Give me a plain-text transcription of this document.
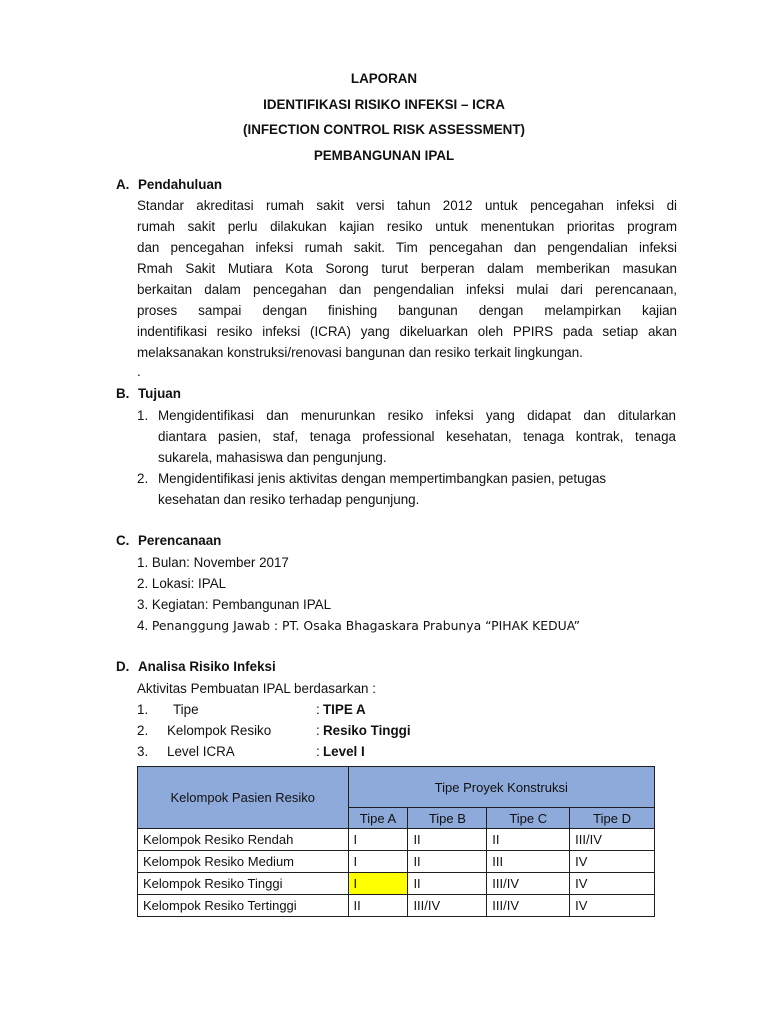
LAPORAN
IDENTIFIKASI RISIKO INFEKSI – ICRA
(INFECTION CONTROL RISK ASSESSMENT)
PEMBANGUNAN IPAL
A. Pendahuluan
Standar akreditasi rumah sakit versi tahun 2012 untuk pencegahan infeksi di
rumah sakit perlu dilakukan kajian resiko untuk menentukan prioritas program
dan pencegahan infeksi rumah sakit. Tim pencegahan dan pengendalian infeksi
Rmah Sakit Mutiara Kota Sorong turut berperan dalam memberikan masukan
berkaitan dalam pencegahan dan pengendalian infeksi mulai dari perencanaan,
proses sampai dengan finishing bangunan dengan melampirkan kajian
indentifikasi resiko infeksi (ICRA) yang dikeluarkan oleh PPIRS pada setiap akan
melaksanakan konstruksi/renovasi bangunan dan resiko terkait lingkungan.
.
B. Tujuan
1. Mengidentifikasi dan menurunkan resiko infeksi yang didapat dan ditularkan
diantara pasien, staf, tenaga professional kesehatan, tenaga kontrak, tenaga
sukarela, mahasiswa dan pengunjung.
2. Mengidentifikasi jenis aktivitas dengan mempertimbangkan pasien, petugas
kesehatan dan resiko terhadap pengunjung.
C. Perencanaan
1. Bulan: November 2017
2. Lokasi: IPAL
3. Kegiatan: Pembangunan IPAL
4. Penanggung Jawab : PT. Osaka Bhagaskara Prabunya “PIHAK KEDUA”
D. Analisa Risiko Infeksi
Aktivitas Pembuatan IPAL berdasarkan :
1. Tipe	: TIPE A
2. Kelompok Resiko	: Resiko Tinggi
3. Level ICRA	: Level I
Kelompok Pasien Resiko	Tipe Proyek Konstruksi			
	Tipe A	Tipe B	Tipe C	Tipe D
Kelompok Resiko Rendah	I	II	II	III/IV
Kelompok Resiko Medium	I	II	III	IV
Kelompok Resiko Tinggi	I	II	III/IV	IV
Kelompok Resiko Tertinggi	II	III/IV	III/IV	IV
